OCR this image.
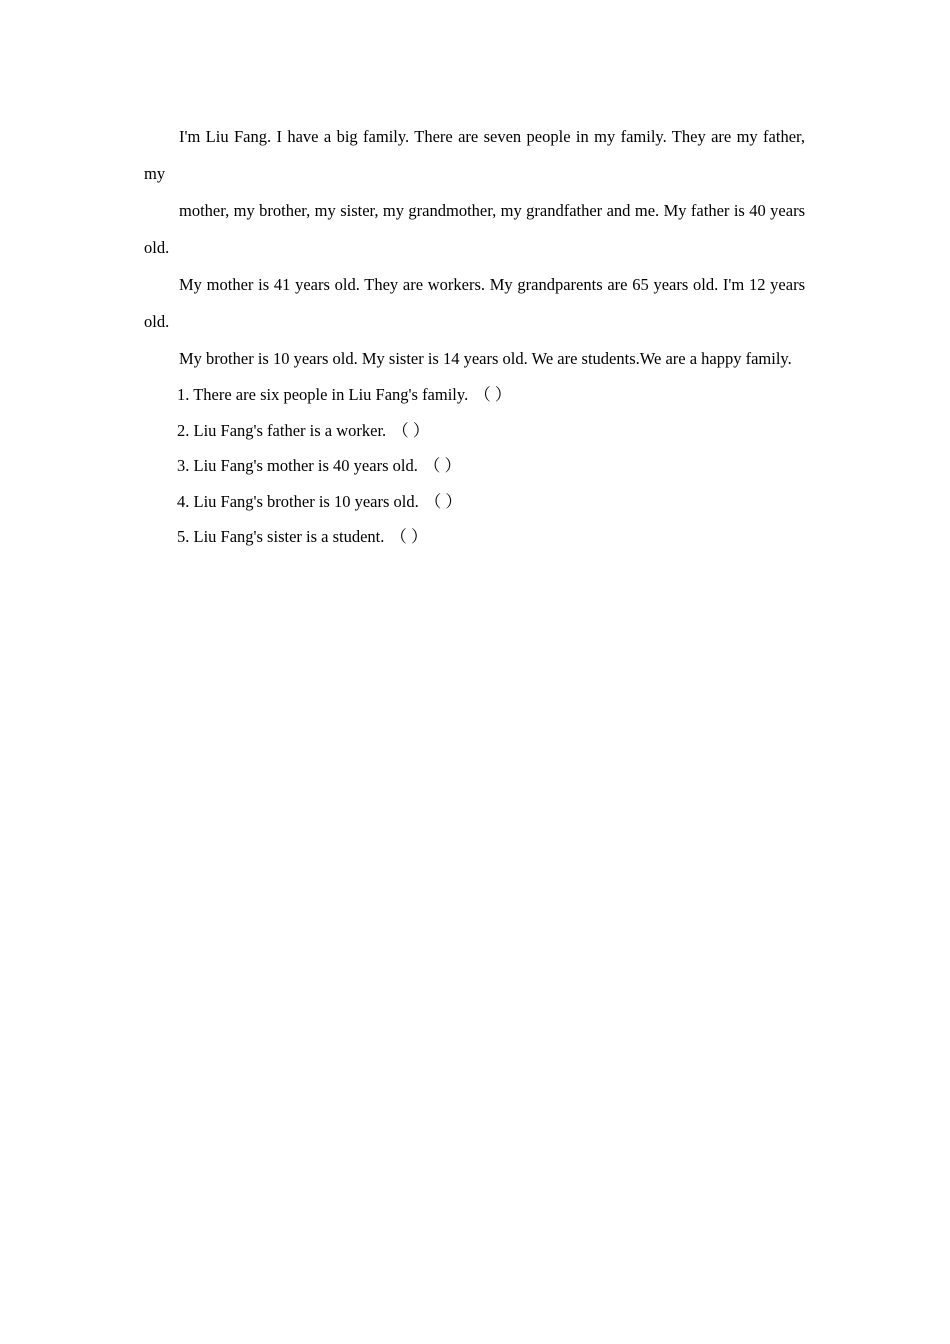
I'm Liu Fang. I have a big family. There are seven people in my family. They are my father, my

mother, my brother, my sister, my grandmother, my grandfather and me. My father is 40 years old.

My mother is 41 years old. They are workers. My grandparents are 65 years old. I'm 12 years old.

My brother is 10 years old. My sister is 14 years old. We are students.We are a happy family.

1. There are six people in Liu Fang's family. （ ）
2. Liu Fang's father is a worker. （ ）
3. Liu Fang's mother is 40 years old. （ ）
4. Liu Fang's brother is 10 years old. （ ）
5. Liu Fang's sister is a student. （ ）
